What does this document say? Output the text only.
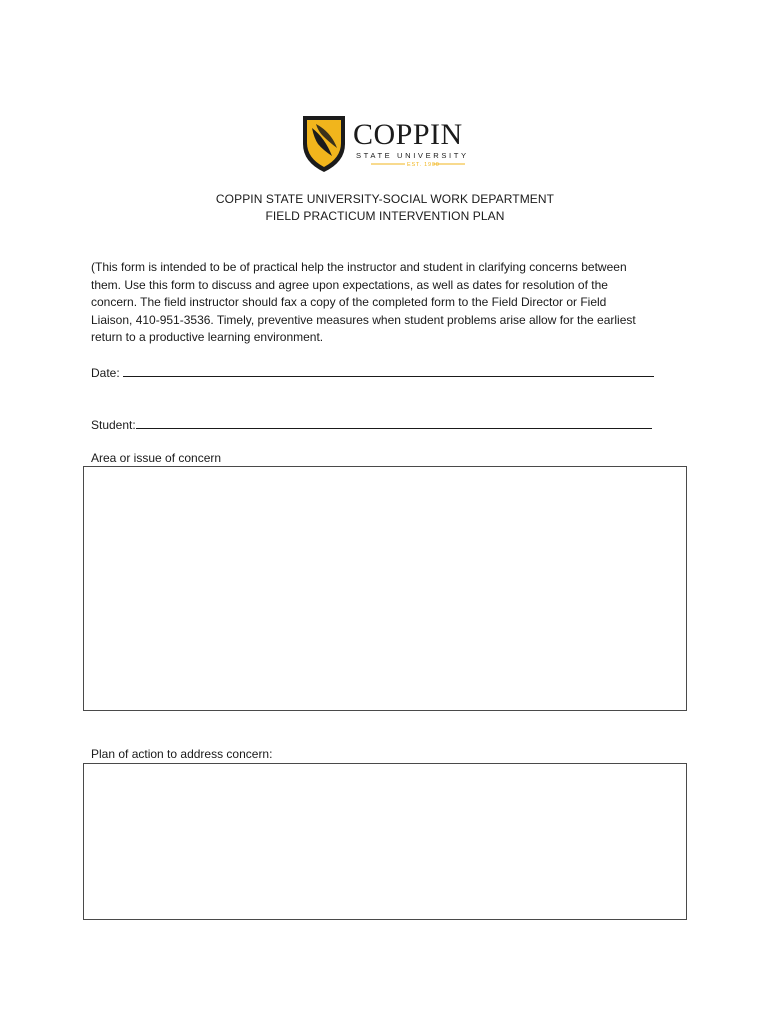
COPPIN
STATE UNIVERSITY
EST. 1900
COPPIN STATE UNIVERSITY-SOCIAL WORK DEPARTMENT
FIELD PRACTICUM INTERVENTION PLAN

(This form is intended to be of practical help the instructor and student in clarifying concerns between
them. Use this form to discuss and agree upon expectations, as well as dates for resolution of the
concern. The field instructor should fax a copy of the completed form to the Field Director or Field
Liaison, 410-951-3536. Timely, preventive measures when student problems arise allow for the earliest
return to a productive learning environment.

Date:
Student:
Area or issue of concern
Plan of action to address concern:
